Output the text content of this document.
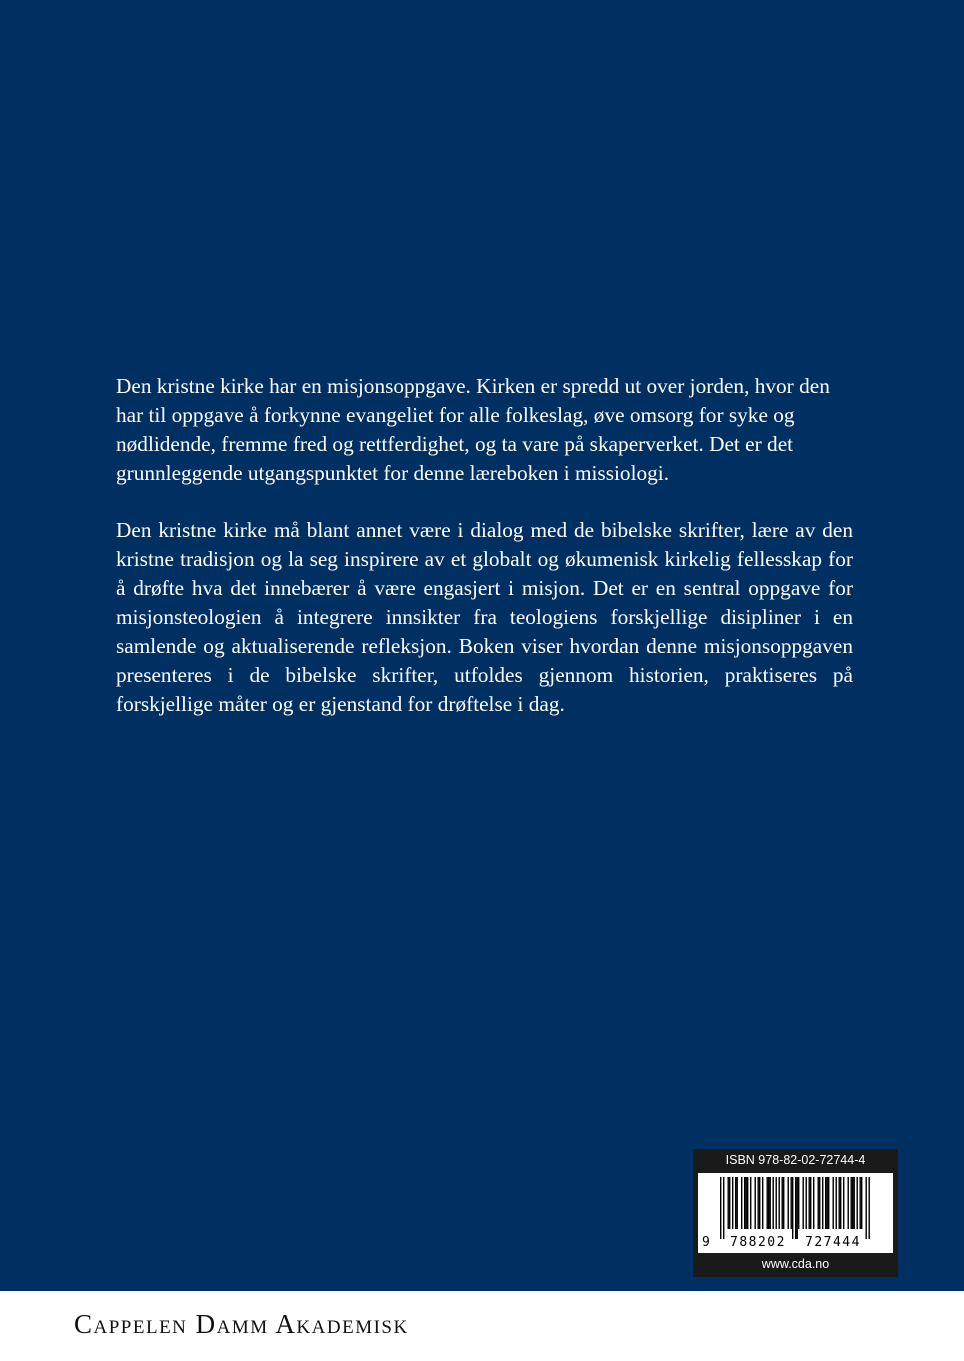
Den kristne kirke har en misjonsoppgave. Kirken er spredd ut over jorden, hvor den har til oppgave å forkynne evangeliet for alle folkeslag, øve omsorg for syke og nødlidende, fremme fred og rettferdighet, og ta vare på skaperverket. Det er det grunnleggende utgangspunktet for denne læreboken i missiologi.

Den kristne kirke må blant annet være i dialog med de bibelske skrifter, lære av den kristne tradisjon og la seg inspirere av et globalt og økumenisk kirkelig fellesskap for å drøfte hva det innebærer å være engasjert i misjon. Det er en sentral oppgave for misjonsteologien å integrere innsikter fra teologiens forskjellige disipliner i en samlende og aktualiserende refleksjon. Boken viser hvordan denne misjonsoppgaven presenteres i de bibelske skrifter, utfoldes gjennom historien, praktiseres på forskjellige måter og er gjenstand for drøftelse i dag.

ISBN 978-82-02-72744-4
9 788202 727444
www.cda.no
Cappelen Damm Akademisk
